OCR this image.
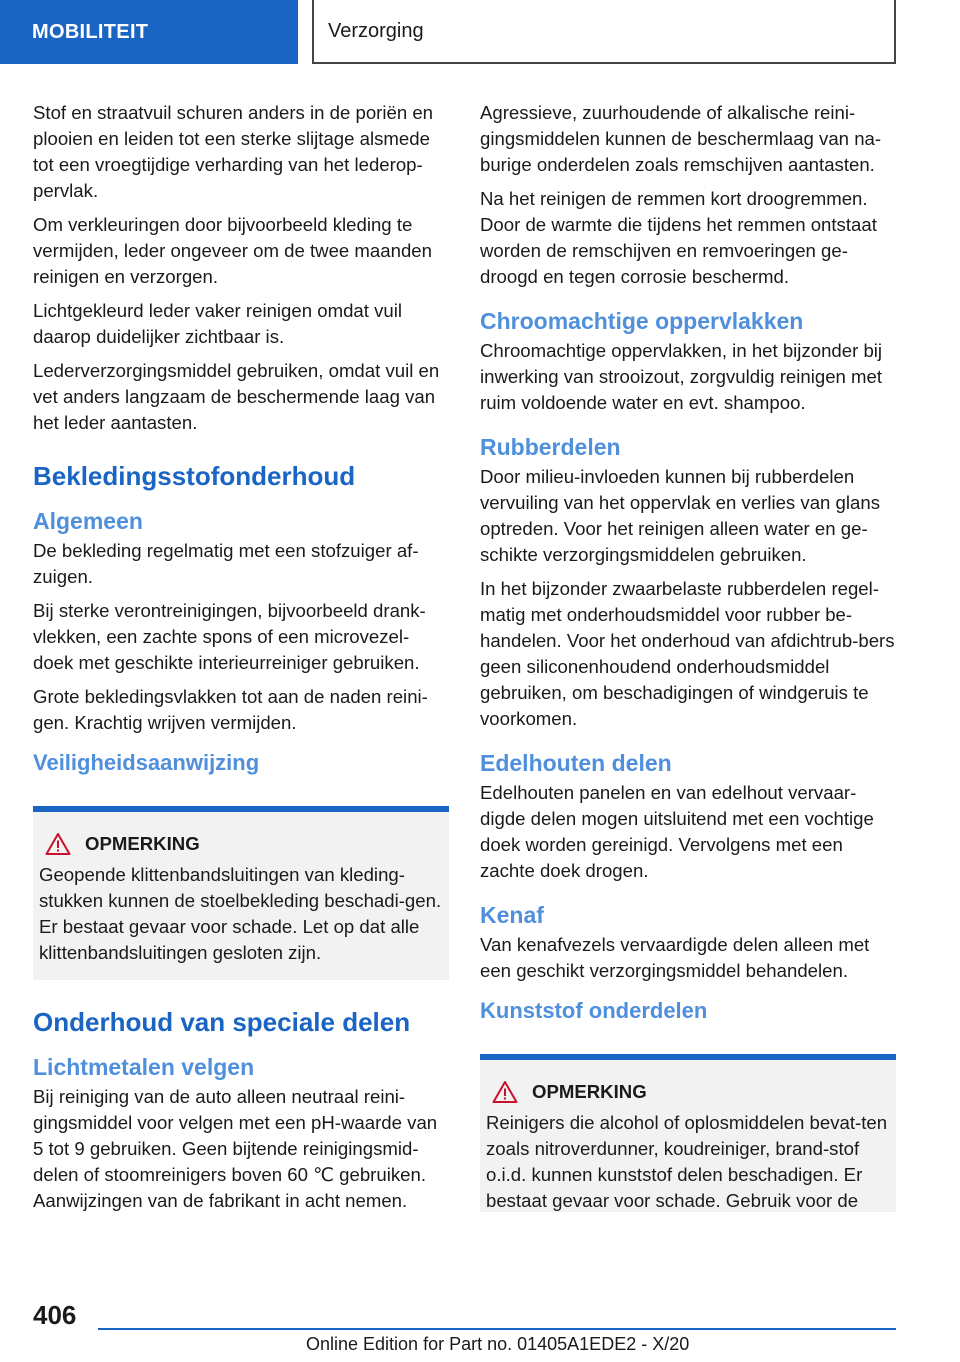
MOBILITEIT	Verzorging

Stof en straatvuil schuren anders in de poriën en plooien en leiden tot een sterke slijtage alsmede tot een vroegtijdige verharding van het lederop-pervlak.

Om verkleuringen door bijvoorbeeld kleding te vermijden, leder ongeveer om de twee maanden reinigen en verzorgen.

Lichtgekleurd leder vaker reinigen omdat vuil daarop duidelijker zichtbaar is.

Lederverzorgingsmiddel gebruiken, omdat vuil en vet anders langzaam de beschermende laag van het leder aantasten.

Bekledingsstofonderhoud
Algemeen

De bekleding regelmatig met een stofzuiger af-zuigen.

Bij sterke verontreinigingen, bijvoorbeeld drank-vlekken, een zachte spons of een microvezel-doek met geschikte interieurreiniger gebruiken.

Grote bekledingsvlakken tot aan de naden reini-gen. Krachtig wrijven vermijden.

Veiligheidsaanwijzing
OPMERKING

Geopende klittenbandsluitingen van kleding-stukken kunnen de stoelbekleding beschadi-gen. Er bestaat gevaar voor schade. Let op dat alle klittenbandsluitingen gesloten zijn.

Onderhoud van speciale delen
Lichtmetalen velgen

Bij reiniging van de auto alleen neutraal reini-gingsmiddel voor velgen met een pH-waarde van 5 tot 9 gebruiken. Geen bijtende reinigingsmid-delen of stoomreinigers boven 60 ℃ gebruiken. Aanwijzingen van de fabrikant in acht nemen.

Agressieve, zuurhoudende of alkalische reini-gingsmiddelen kunnen de beschermlaag van na-burige onderdelen zoals remschijven aantasten.

Na het reinigen de remmen kort droogremmen. Door de warmte die tijdens het remmen ontstaat worden de remschijven en remvoeringen ge-droogd en tegen corrosie beschermd.

Chroomachtige oppervlakken

Chroomachtige oppervlakken, in het bijzonder bij inwerking van strooizout, zorgvuldig reinigen met ruim voldoende water en evt. shampoo.

Rubberdelen

Door milieu-invloeden kunnen bij rubberdelen vervuiling van het oppervlak en verlies van glans optreden. Voor het reinigen alleen water en ge-schikte verzorgingsmiddelen gebruiken.

In het bijzonder zwaarbelaste rubberdelen regel-matig met onderhoudsmiddel voor rubber be-handelen. Voor het onderhoud van afdichtrub-bers geen siliconenhoudend onderhoudsmiddel gebruiken, om beschadigingen of windgeruis te voorkomen.

Edelhouten delen

Edelhouten panelen en van edelhout vervaar-digde delen mogen uitsluitend met een vochtige doek worden gereinigd. Vervolgens met een zachte doek drogen.

Kenaf

Van kenafvezels vervaardigde delen alleen met een geschikt verzorgingsmiddel behandelen.

Kunststof onderdelen
OPMERKING

Reinigers die alcohol of oplosmiddelen bevat-ten zoals nitroverdunner, koudreiniger, brand-stof o.i.d. kunnen kunststof delen beschadigen. Er bestaat gevaar voor schade. Gebruik voor de

406
Online Edition for Part no. 01405A1EDE2 - X/20
